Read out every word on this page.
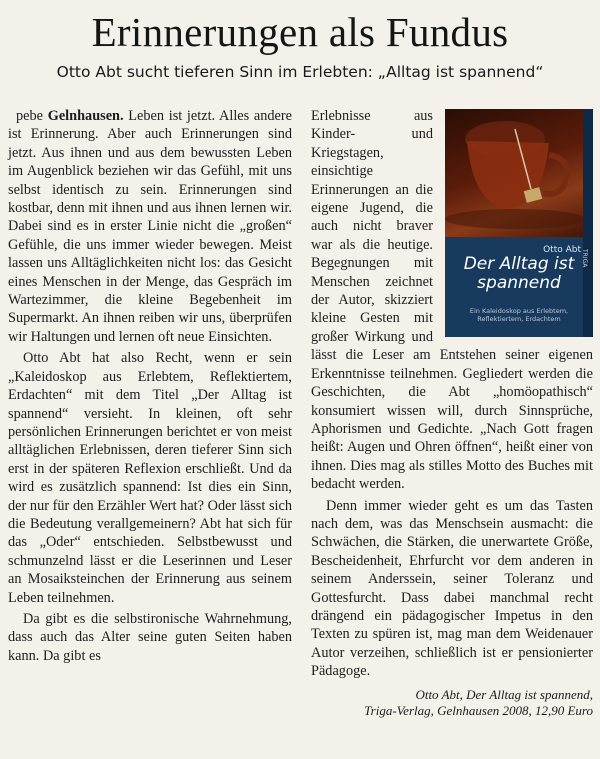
Erinnerungen als Fundus
Otto Abt sucht tieferen Sinn im Erlebten: „Alltag ist spannend“

pebe Gelnhausen. Leben ist jetzt. Alles andere ist Erinnerung. Aber auch Erinnerungen sind jetzt. Aus ihnen und aus dem bewussten Leben im Augenblick beziehen wir das Gefühl, mit uns selbst identisch zu sein. Erinnerungen sind kostbar, denn mit ihnen und aus ihnen lernen wir. Dabei sind es in erster Linie nicht die „großen“ Gefühle, die uns immer wieder bewegen. Meist lassen uns Alltäglichkeiten nicht los: das Gesicht eines Menschen in der Menge, das Gespräch im Wartezimmer, die kleine Begebenheit im Supermarkt. An ihnen reiben wir uns, überprüfen wir Haltungen und lernen oft neue Einsichten.

Otto Abt hat also Recht, wenn er sein „Kaleidoskop aus Erlebtem, Reflektiertem, Erdachten“ mit dem Titel „Der Alltag ist spannend“ versieht. In kleinen, oft sehr persönlichen Erinnerungen berichtet er von meist alltäglichen Erlebnissen, deren tieferer Sinn sich erst in der späteren Reflexion erschließt. Und da wird es zusätzlich spannend: Ist dies ein Sinn, der nur für den Erzähler Wert hat? Oder lässt sich die Bedeutung verallgemeinern? Abt hat sich für das „Oder“ entschieden. Selbstbewusst und schmunzelnd lässt er die Leserinnen und Leser an Mosaiksteinchen der Erinnerung aus seinem Leben teilnehmen.

Da gibt es die selbstironische Wahrnehmung, dass auch das Alter seine guten Seiten haben kann. Da gibt es

Otto Abt
Der Alltag ist spannend
Ein Kaleidoskop aus Erlebtem, Reflektiertem, Erdachtem
TRIGA

Erlebnisse aus Kinder- und Kriegstagen, einsichtige Erinnerungen an die eigene Jugend, die auch nicht braver war als die heutige. Begegnungen mit Menschen zeichnet der Autor, skizziert kleine Gesten mit großer Wirkung und lässt die Leser am Entstehen seiner eigenen Erkenntnisse teilnehmen. Gegliedert werden die Geschichten, die Abt „homöopathisch“ konsumiert wissen will, durch Sinnsprüche, Aphorismen und Gedichte. „Nach Gott fragen heißt: Augen und Ohren öffnen“, heißt einer von ihnen. Dies mag als stilles Motto des Buches mit bedacht werden.

Denn immer wieder geht es um das Tasten nach dem, was das Menschsein ausmacht: die Schwächen, die Stärken, die unerwartete Größe, Bescheidenheit, Ehrfurcht vor dem anderen in seinem Anderssein, seiner Toleranz und Gottesfurcht. Dass dabei manchmal recht drängend ein pädagogischer Impetus in den Texten zu spüren ist, mag man dem Weidenauer Autor verzeihen, schließlich ist er pensionierter Pädagoge.

Otto Abt, Der Alltag ist spannend,
Triga-Verlag, Gelnhausen 2008, 12,90 Euro
